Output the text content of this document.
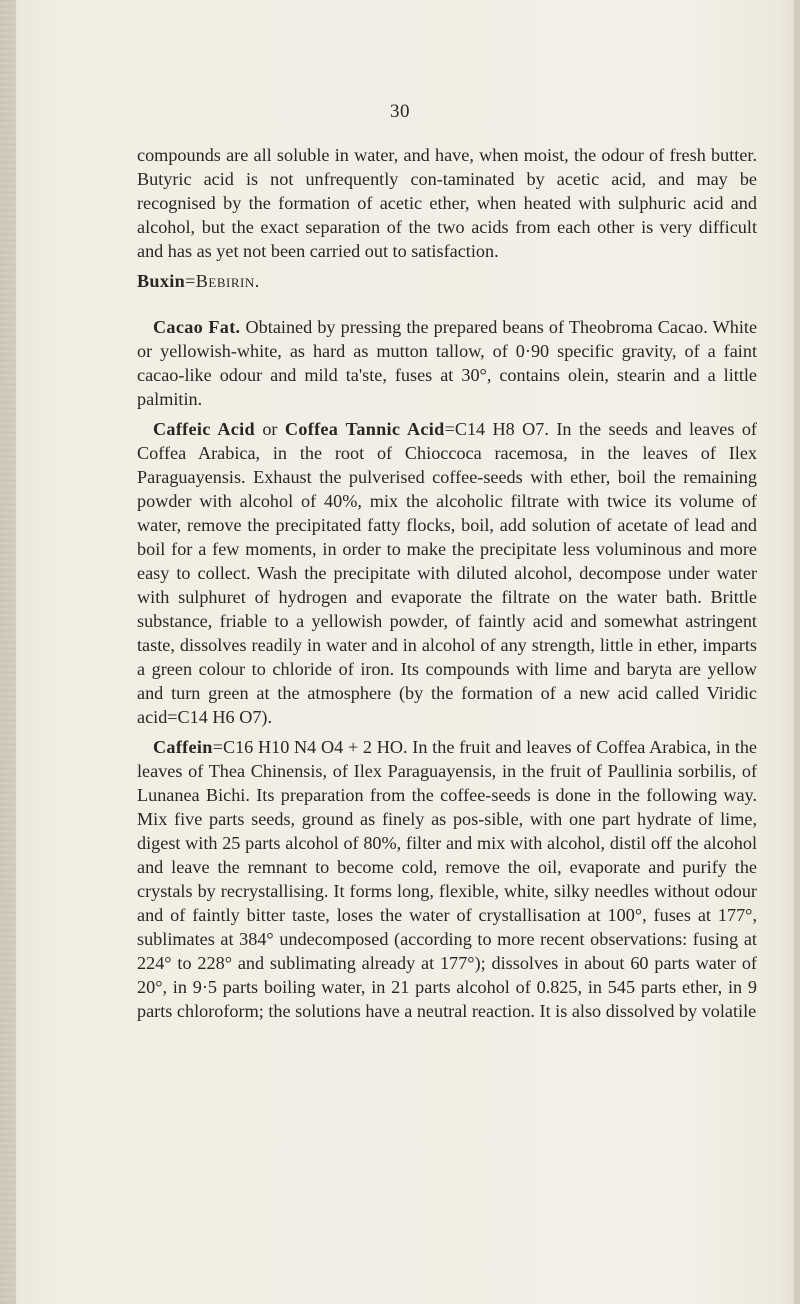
30

compounds are all soluble in water, and have, when moist, the odour of fresh butter. Butyric acid is not unfrequently con-taminated by acetic acid, and may be recognised by the formation of acetic ether, when heated with sulphuric acid and alcohol, but the exact separation of the two acids from each other is very difficult and has as yet not been carried out to satisfaction.

Buxin=Bebirin.

Cacao Fat. Obtained by pressing the prepared beans of Theobroma Cacao. White or yellowish-white, as hard as mutton tallow, of 0·90 specific gravity, of a faint cacao-like odour and mild ta'ste, fuses at 30°, contains olein, stearin and a little palmitin.

Caffeic Acid or Coffea Tannic Acid=C14 H8 O7. In the seeds and leaves of Coffea Arabica, in the root of Chioccoca racemosa, in the leaves of Ilex Paraguayensis. Exhaust the pulverised coffee-seeds with ether, boil the remaining powder with alcohol of 40%, mix the alcoholic filtrate with twice its volume of water, remove the precipitated fatty flocks, boil, add solution of acetate of lead and boil for a few moments, in order to make the precipitate less voluminous and more easy to collect. Wash the precipitate with diluted alcohol, decompose under water with sulphuret of hydrogen and evaporate the filtrate on the water bath. Brittle substance, friable to a yellowish powder, of faintly acid and somewhat astringent taste, dissolves readily in water and in alcohol of any strength, little in ether, imparts a green colour to chloride of iron. Its compounds with lime and baryta are yellow and turn green at the atmosphere (by the formation of a new acid called Viridic acid=C14 H6 O7).

Caffein=C16 H10 N4 O4 + 2 HO. In the fruit and leaves of Coffea Arabica, in the leaves of Thea Chinensis, of Ilex Paraguayensis, in the fruit of Paullinia sorbilis, of Lunanea Bichi. Its preparation from the coffee-seeds is done in the following way. Mix five parts seeds, ground as finely as pos-sible, with one part hydrate of lime, digest with 25 parts alcohol of 80%, filter and mix with alcohol, distil off the alcohol and leave the remnant to become cold, remove the oil, evaporate and purify the crystals by recrystallising. It forms long, flexible, white, silky needles without odour and of faintly bitter taste, loses the water of crystallisation at 100°, fuses at 177°, sublimates at 384° undecomposed (according to more recent observations: fusing at 224° to 228° and sublimating already at 177°); dissolves in about 60 parts water of 20°, in 9·5 parts boiling water, in 21 parts alcohol of 0.825, in 545 parts ether, in 9 parts chloroform; the solutions have a neutral reaction. It is also dissolved by volatile
